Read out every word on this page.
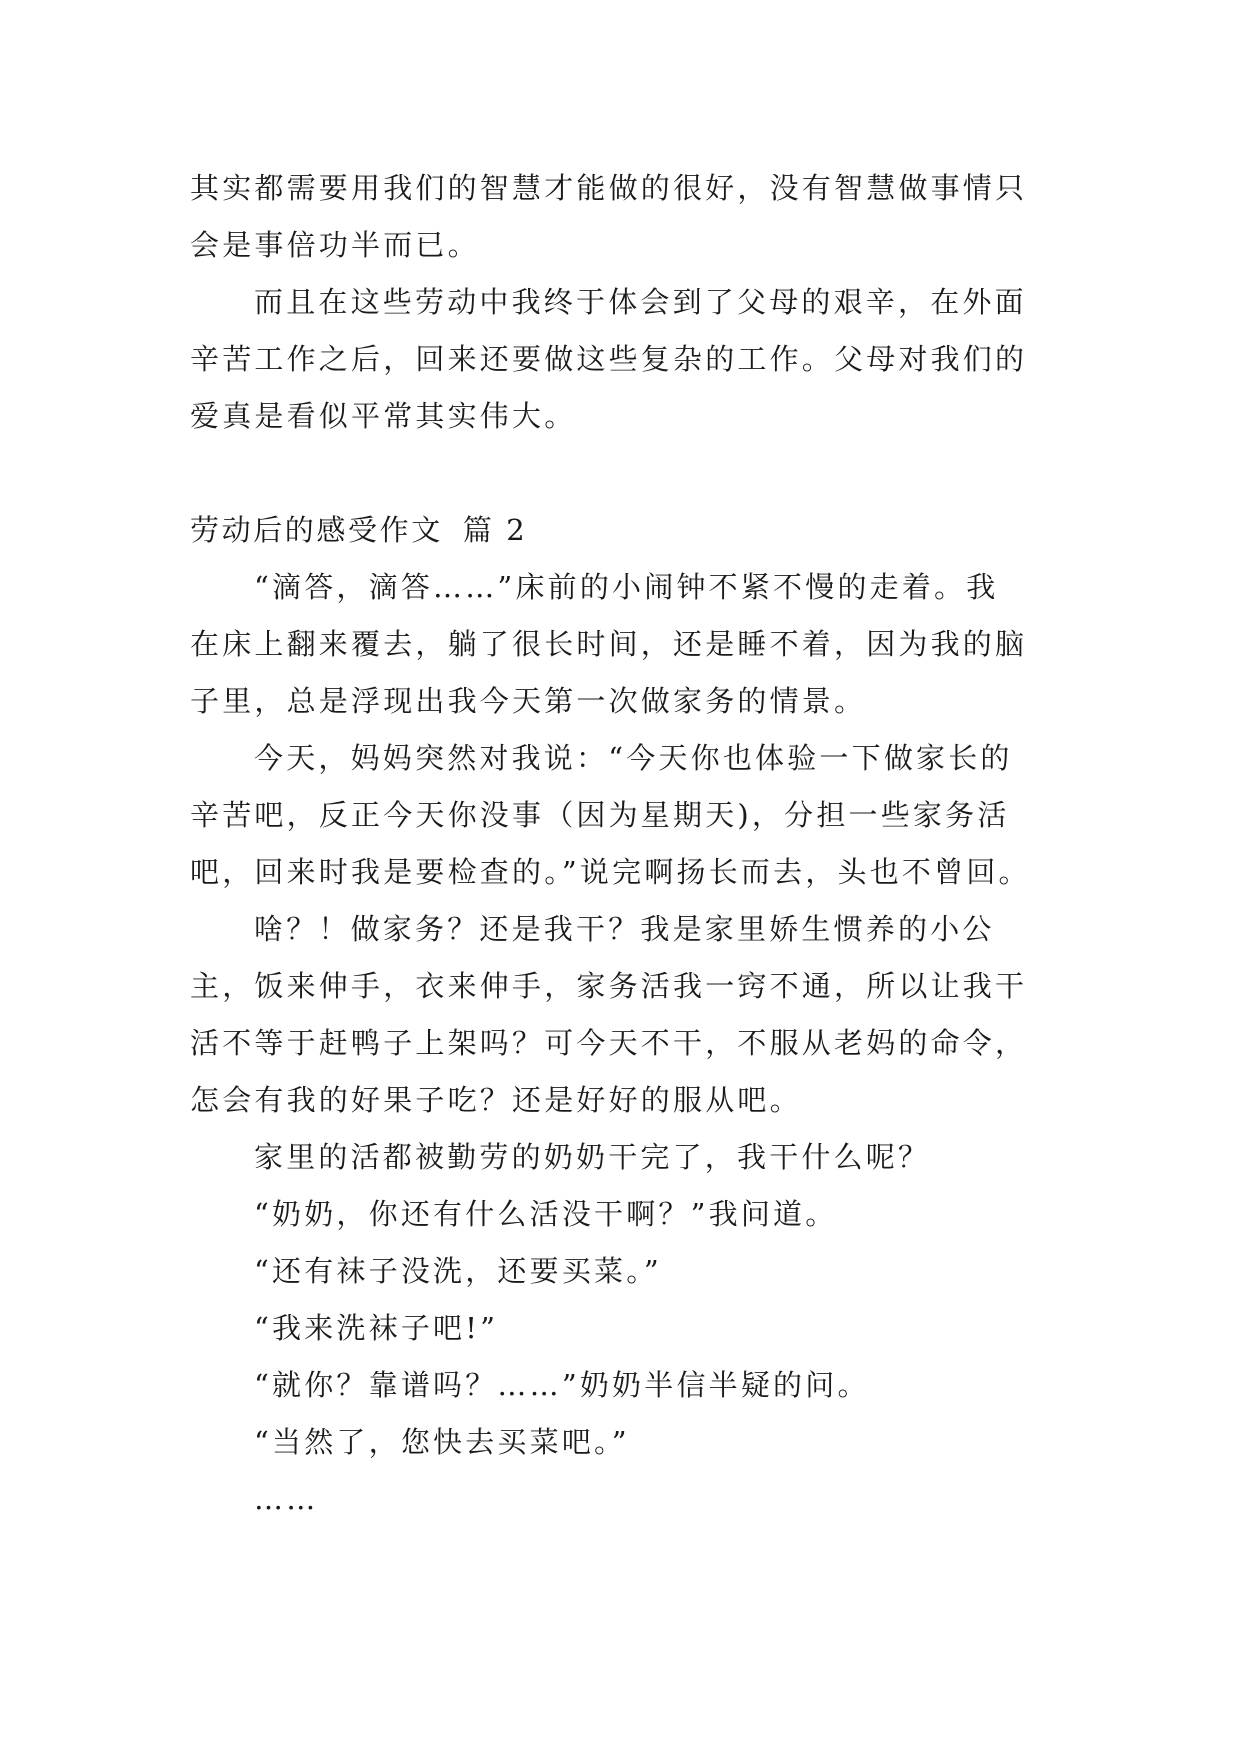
其实都需要用我们的智慧才能做的很好，没有智慧做事情只
会是事倍功半而已。
而且在这些劳动中我终于体会到了父母的艰辛，在外面
辛苦工作之后，回来还要做这些复杂的工作。父母对我们的
爱真是看似平常其实伟大。
劳动后的感受作文 篇 2
“滴答，滴答……”床前的小闹钟不紧不慢的走着。我
在床上翻来覆去，躺了很长时间，还是睡不着，因为我的脑
子里，总是浮现出我今天第一次做家务的情景。
今天，妈妈突然对我说：“今天你也体验一下做家长的
辛苦吧，反正今天你没事（因为星期天)，分担一些家务活
吧，回来时我是要检查的。”说完啊扬长而去，头也不曾回。
啥？！做家务？还是我干？我是家里娇生惯养的小公
主，饭来伸手，衣来伸手，家务活我一窍不通，所以让我干
活不等于赶鸭子上架吗？可今天不干，不服从老妈的命令，
怎会有我的好果子吃？还是好好的服从吧。
家里的活都被勤劳的奶奶干完了，我干什么呢？
“奶奶，你还有什么活没干啊？”我问道。
“还有袜子没洗，还要买菜。”
“我来洗袜子吧!”
“就你？靠谱吗？……”奶奶半信半疑的问。
“当然了，您快去买菜吧。”
……
